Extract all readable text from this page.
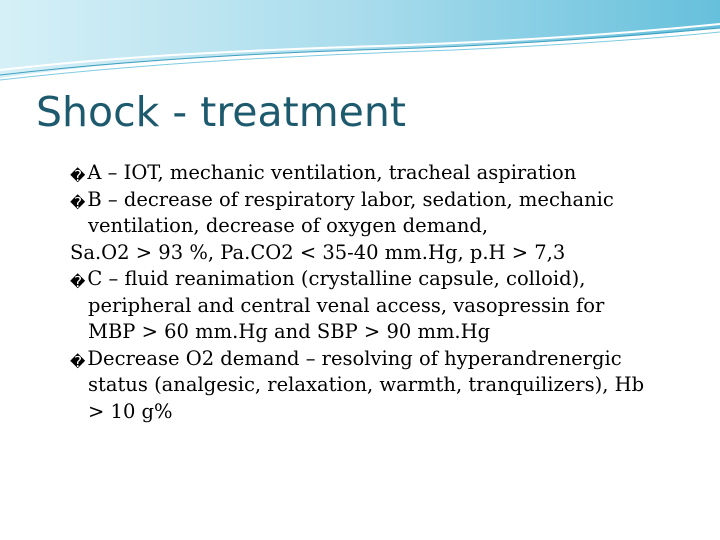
Shock - treatment
� A – IOT, mechanic ventilation, tracheal aspiration
� B – decrease of respiratory labor, sedation, mechanic
ventilation, decrease of oxygen demand,
Sa.O2 > 93 %, Pa.CO2 < 35-40 mm.Hg, p.H > 7,3
� C – fluid reanimation (crystalline capsule, colloid),
peripheral and central venal access, vasopressin for
MBP > 60 mm.Hg and SBP > 90 mm.Hg
� Decrease O2 demand – resolving of hyperandrenergic
status (analgesic, relaxation, warmth, tranquilizers), Hb
> 10 g%
